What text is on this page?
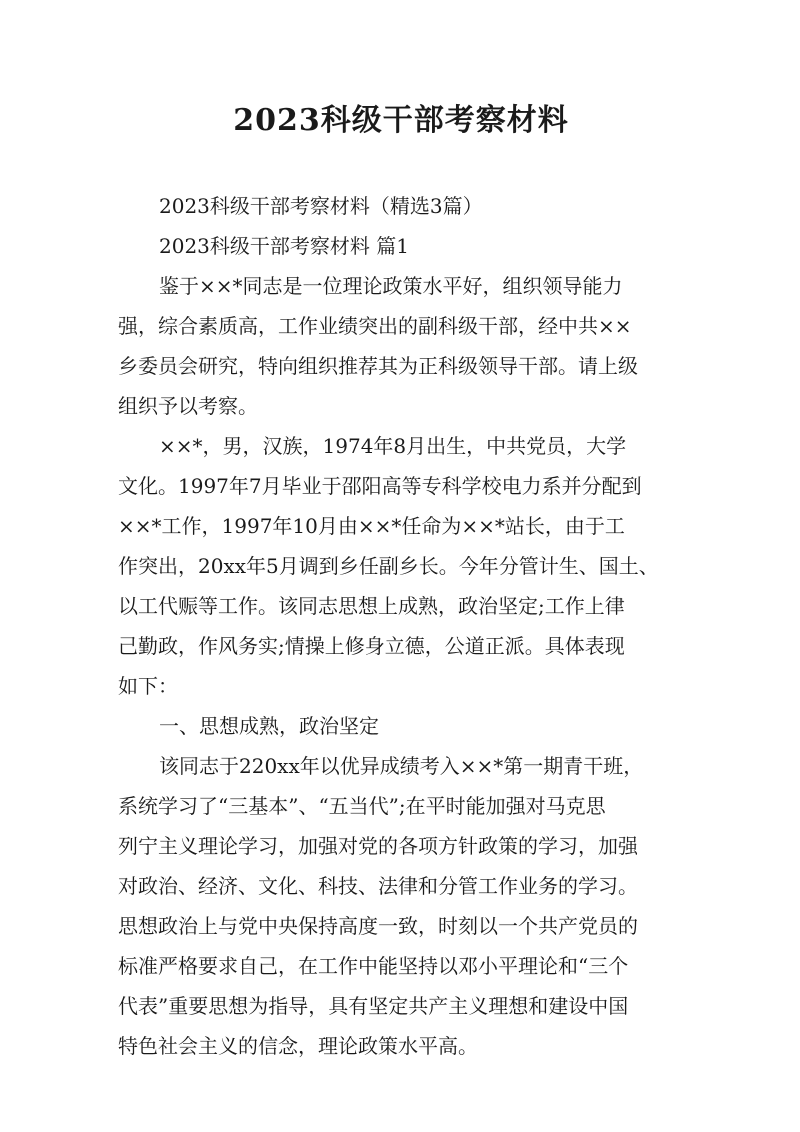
2023科级干部考察材料
2023科级干部考察材料（精选3篇）
2023科级干部考察材料 篇1
鉴于××*同志是一位理论政策水平好，组织领导能力
强，综合素质高，工作业绩突出的副科级干部，经中共××
乡委员会研究，特向组织推荐其为正科级领导干部。请上级
组织予以考察。
××*，男，汉族，1974年8月出生，中共党员，大学
文化。1997年7月毕业于邵阳高等专科学校电力系并分配到
××*工作，1997年10月由××*任命为××*站长，由于工
作突出，20xx年5月调到乡任副乡长。今年分管计生、国土、
以工代赈等工作。该同志思想上成熟，政治坚定;工作上律
己勤政，作风务实;情操上修身立德，公道正派。具体表现
如下：
一、思想成熟，政治坚定
该同志于220xx年以优异成绩考入××*第一期青干班，
系统学习了“三基本”、“五当代”;在平时能加强对马克思
列宁主义理论学习，加强对党的各项方针政策的学习，加强
对政治、经济、文化、科技、法律和分管工作业务的学习。
思想政治上与党中央保持高度一致，时刻以一个共产党员的
标准严格要求自己，在工作中能坚持以邓小平理论和“三个
代表”重要思想为指导，具有坚定共产主义理想和建设中国
特色社会主义的信念，理论政策水平高。
